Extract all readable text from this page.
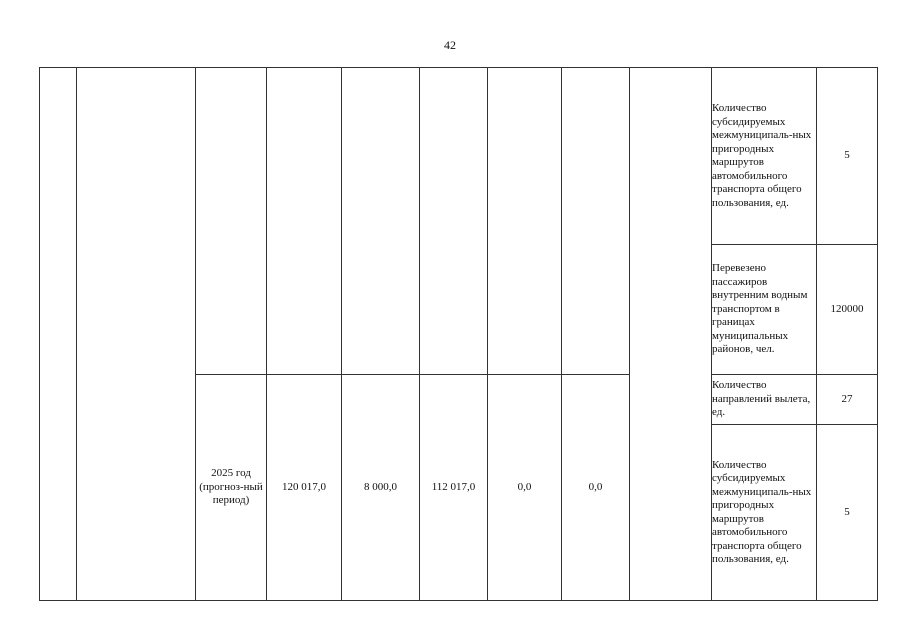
42
									Количество субсидируемых межмуниципаль-ных пригородных маршрутов автомобильного транспорта общего пользования, ед.	5
									Перевезено пассажиров внутренним водным транспортом в границах муниципальных районов, чел.	120000
		2025 год (прогноз-ный период)	120 017,0	8 000,0	112 017,0	0,0	0,0		Количество направлений вылета, ед.	27
									Количество субсидируемых межмуниципаль-ных пригородных маршрутов автомобильного транспорта общего пользования, ед.	5
